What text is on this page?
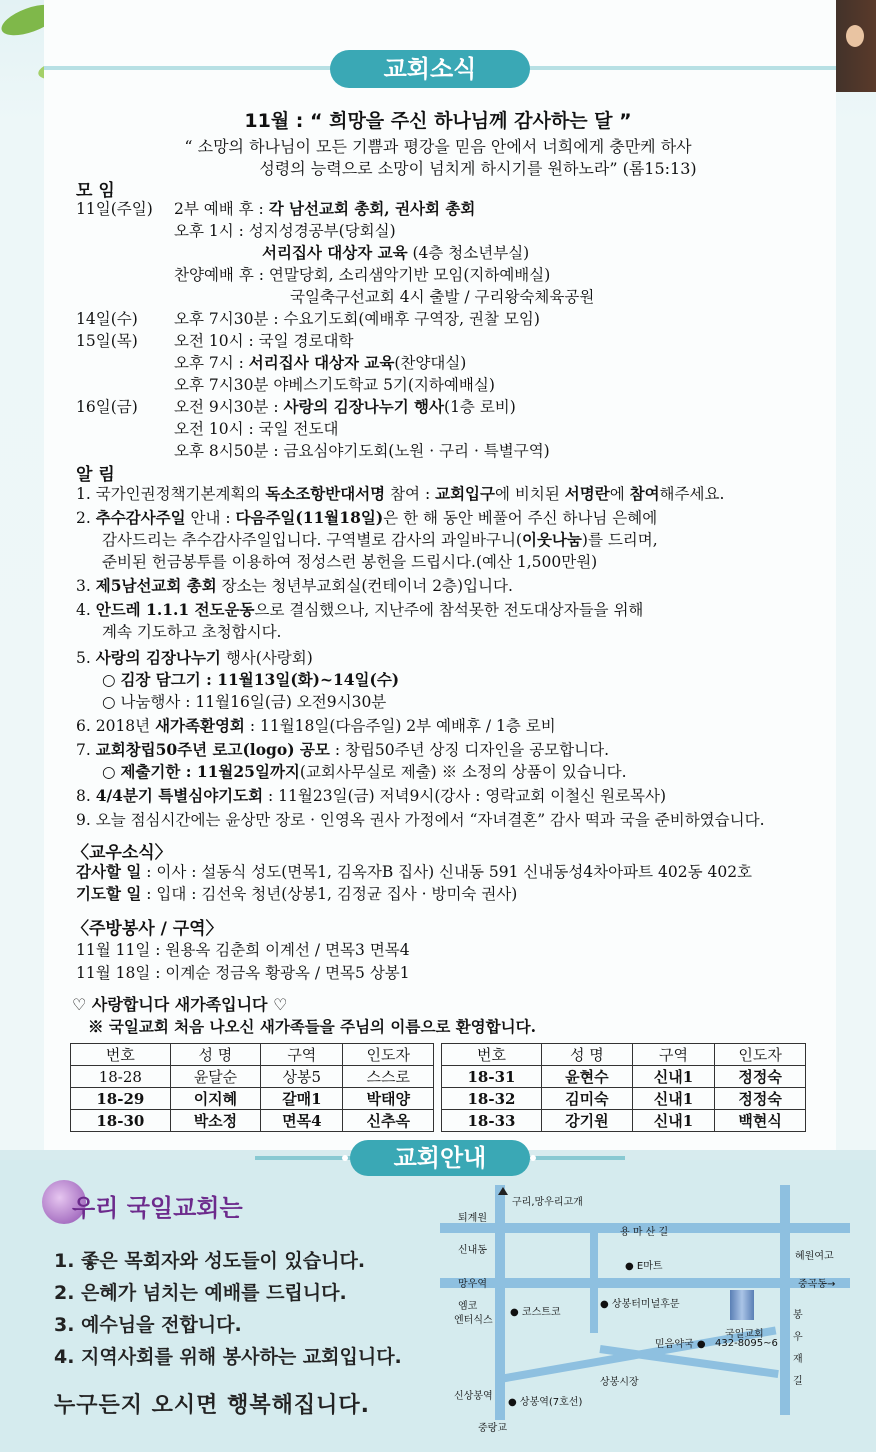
교회소식
11월 : “ 희망을 주신 하나님께 감사하는 달 ”
“ 소망의 하나님이 모든 기쁨과 평강을 믿음 안에서 너희에게 충만케 하사
성령의 능력으로 소망이 넘치게 하시기를 원하노라” (롬15:13)
모 임
11일(주일) 2부 예배 후 : 각 남선교회 총회, 권사회 총회
오후 1시 : 성지성경공부(당회실)
서리집사 대상자 교육 (4층 청소년부실)
찬양예배 후 : 연말당회, 소리샘악기반 모임(지하예배실)
국일축구선교회 4시 출발 / 구리왕숙체육공원
14일(수) 오후 7시30분 : 수요기도회(예배후 구역장, 권찰 모임)
15일(목) 오전 10시 : 국일 경로대학
오후 7시 : 서리집사 대상자 교육(찬양대실)
오후 7시30분 야베스기도학교 5기(지하예배실)
16일(금) 오전 9시30분 : 사랑의 김장나누기 행사(1층 로비)
오전 10시 : 국일 전도대
오후 8시50분 : 금요심야기도회(노원 · 구리 · 특별구역)
알 림
1. 국가인권정책기본계획의 독소조항반대서명 참여 : 교회입구에 비치된 서명란에 참여해주세요.
2. 추수감사주일 안내 : 다음주일(11월18일)은 한 해 동안 베풀어 주신 하나님 은혜에
감사드리는 추수감사주일입니다. 구역별로 감사의 과일바구니(이웃나눔)를 드리며,
준비된 헌금봉투를 이용하여 정성스런 봉헌을 드립시다.(예산 1,500만원)
3. 제5남선교회 총회 장소는 청년부교회실(컨테이너 2층)입니다.
4. 안드레 1.1.1 전도운동으로 결심했으나, 지난주에 참석못한 전도대상자들을 위해
계속 기도하고 초청합시다.
5. 사랑의 김장나누기 행사(사랑회)
○ 김장 담그기 : 11월13일(화)~14일(수)
○ 나눔행사 : 11월16일(금) 오전9시30분
6. 2018년 새가족환영회 : 11월18일(다음주일) 2부 예배후 / 1층 로비
7. 교회창립50주년 로고(logo) 공모 : 창립50주년 상징 디자인을 공모합니다.
○ 제출기한 : 11월25일까지(교회사무실로 제출) ※ 소정의 상품이 있습니다.
8. 4/4분기 특별심야기도회 : 11월23일(금) 저녁9시(강사 : 영락교회 이철신 원로목사)
9. 오늘 점심시간에는 윤상만 장로 · 인영옥 권사 가정에서 “자녀결혼” 감사 떡과 국을 준비하였습니다.
〈교우소식〉
감사할 일 : 이사 : 설동식 성도(면목1, 김옥자B 집사) 신내동 591 신내동성4차아파트 402동 402호
기도할 일 : 입대 : 김선욱 청년(상봉1, 김정균 집사 · 방미숙 권사)
〈주방봉사 / 구역〉
11월 11일 : 원용옥 김춘희 이계선 / 면목3 면목4
11월 18일 : 이계순 정금옥 황광옥 / 면목5 상봉1
♡ 사랑합니다 새가족입니다 ♡
※ 국일교회 처음 나오신 새가족들을 주님의 이름으로 환영합니다.
번호	성 명	구역	인도자
18-28	윤달순	상봉5	스스로
18-29	이지혜	갈매1	박태양
18-30	박소정	면목4	신추옥
번호	성 명	구역	인도자
18-31	윤현수	신내1	정정숙
18-32	김미숙	신내1	정정숙
18-33	강기원	신내1	백현식
교회안내
우리 국일교회는
1. 좋은 목회자와 성도들이 있습니다.
2. 은혜가 넘치는 예배를 드립니다.
3. 예수님을 전합니다.
4. 지역사회를 위해 봉사하는 교회입니다.
누구든지 오시면 행복해집니다.
구리,망우리고개
퇴계원
용 마 산 길
신내동
● E마트
혜원여고
망우역	중곡동→
엠코
엔터식스
● 코스트코
● 상봉터미널후문
믿음약국 ●
국일교회
432-8095~6
상봉시장
신상봉역
● 상봉역(7호선)
중랑교
봉우재길
